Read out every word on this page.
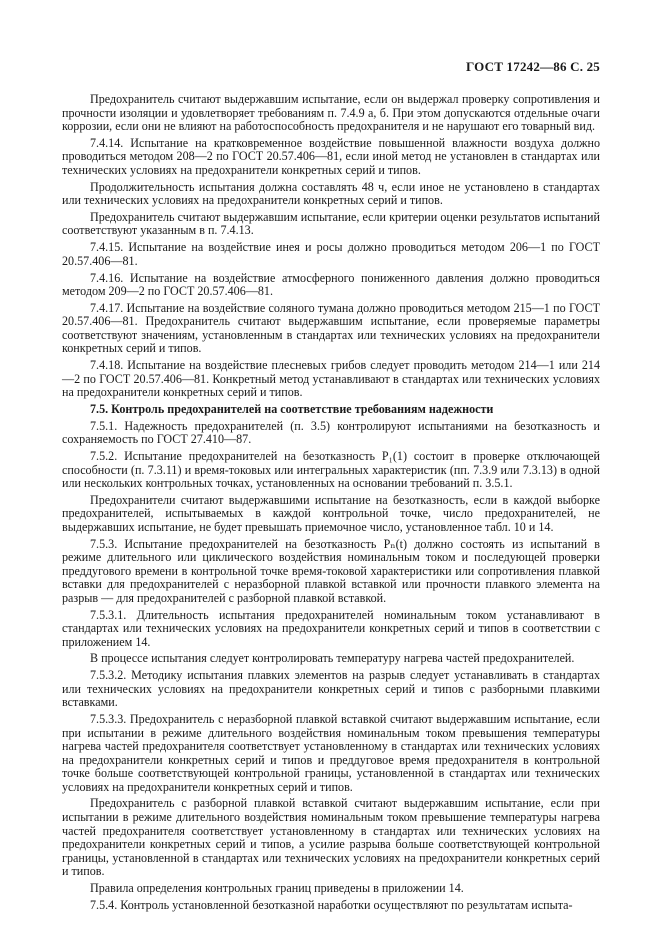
ГОСТ 17242—86 С. 25

Предохранитель считают выдержавшим испытание, если он выдержал проверку сопротивления и прочности изоляции и удовлетворяет требованиям п. 7.4.9 а, б. При этом допускаются отдельные очаги коррозии, если они не влияют на работоспособность предохранителя и не нарушают его товарный вид.

7.4.14. Испытание на кратковременное воздействие повышенной влажности воздуха должно проводиться методом 208—2 по ГОСТ 20.57.406—81, если иной метод не установлен в стандартах или технических условиях на предохранители конкретных серий и типов.

Продолжительность испытания должна составлять 48 ч, если иное не установлено в стандартах или технических условиях на предохранители конкретных серий и типов.

Предохранитель считают выдержавшим испытание, если критерии оценки результатов испытаний соответствуют указанным в п. 7.4.13.

7.4.15. Испытание на воздействие инея и росы должно проводиться методом 206—1 по ГОСТ 20.57.406—81.

7.4.16. Испытание на воздействие атмосферного пониженного давления должно проводиться методом 209—2 по ГОСТ 20.57.406—81.

7.4.17. Испытание на воздействие соляного тумана должно проводиться методом 215—1 по ГОСТ 20.57.406—81. Предохранитель считают выдержавшим испытание, если проверяемые параметры соответствуют значениям, установленным в стандартах или технических условиях на предохранители конкретных серий и типов.

7.4.18. Испытание на воздействие плесневых грибов следует проводить методом 214—1 или 214—2 по ГОСТ 20.57.406—81. Конкретный метод устанавливают в стандартах или технических условиях на предохранители конкретных серий и типов.

7.5. Контроль предохранителей на соответствие требованиям надежности

7.5.1. Надежность предохранителей (п. 3.5) контролируют испытаниями на безотказность и сохраняемость по ГОСТ 27.410—87.

7.5.2. Испытание предохранителей на безотказность P₁(1) состоит в проверке отключающей способности (п. 7.3.11) и время-токовых или интегральных характеристик (пп. 7.3.9 или 7.3.13) в одной или нескольких контрольных точках, установленных на основании требований п. 3.5.1.

Предохранители считают выдержавшими испытание на безотказность, если в каждой выборке предохранителей, испытываемых в каждой контрольной точке, число предохранителей, не выдержавших испытание, не будет превышать приемочное число, установленное табл. 10 и 14.

7.5.3. Испытание предохранителей на безотказность Pₙ(t) должно состоять из испытаний в режиме длительного или циклического воздействия номинальным током и последующей проверки преддугового времени в контрольной точке время-токовой характеристики или сопротивления плавкой вставки для предохранителей с неразборной плавкой вставкой или прочности плавкого элемента на разрыв — для предохранителей с разборной плавкой вставкой.

7.5.3.1. Длительность испытания предохранителей номинальным током устанавливают в стандартах или технических условиях на предохранители конкретных серий и типов в соответствии с приложением 14.

В процессе испытания следует контролировать температуру нагрева частей предохранителей.

7.5.3.2. Методику испытания плавких элементов на разрыв следует устанавливать в стандартах или технических условиях на предохранители конкретных серий и типов с разборными плавкими вставками.

7.5.3.3. Предохранитель с неразборной плавкой вставкой считают выдержавшим испытание, если при испытании в режиме длительного воздействия номинальным током превышения температуры нагрева частей предохранителя соответствует установленному в стандартах или технических условиях на предохранители конкретных серий и типов и преддуговое время предохранителя в контрольной точке больше соответствующей контрольной границы, установленной в стандартах или технических условиях на предохранители конкретных серий и типов.

Предохранитель с разборной плавкой вставкой считают выдержавшим испытание, если при испытании в режиме длительного воздействия номинальным током превышение температуры нагрева частей предохранителя соответствует установленному в стандартах или технических условиях на предохранители конкретных серий и типов, а усилие разрыва больше соответствующей контрольной границы, установленной в стандартах или технических условиях на предохранители конкретных серий и типов.

Правила определения контрольных границ приведены в приложении 14.

7.5.4. Контроль установленной безотказной наработки осуществляют по результатам испыта-
